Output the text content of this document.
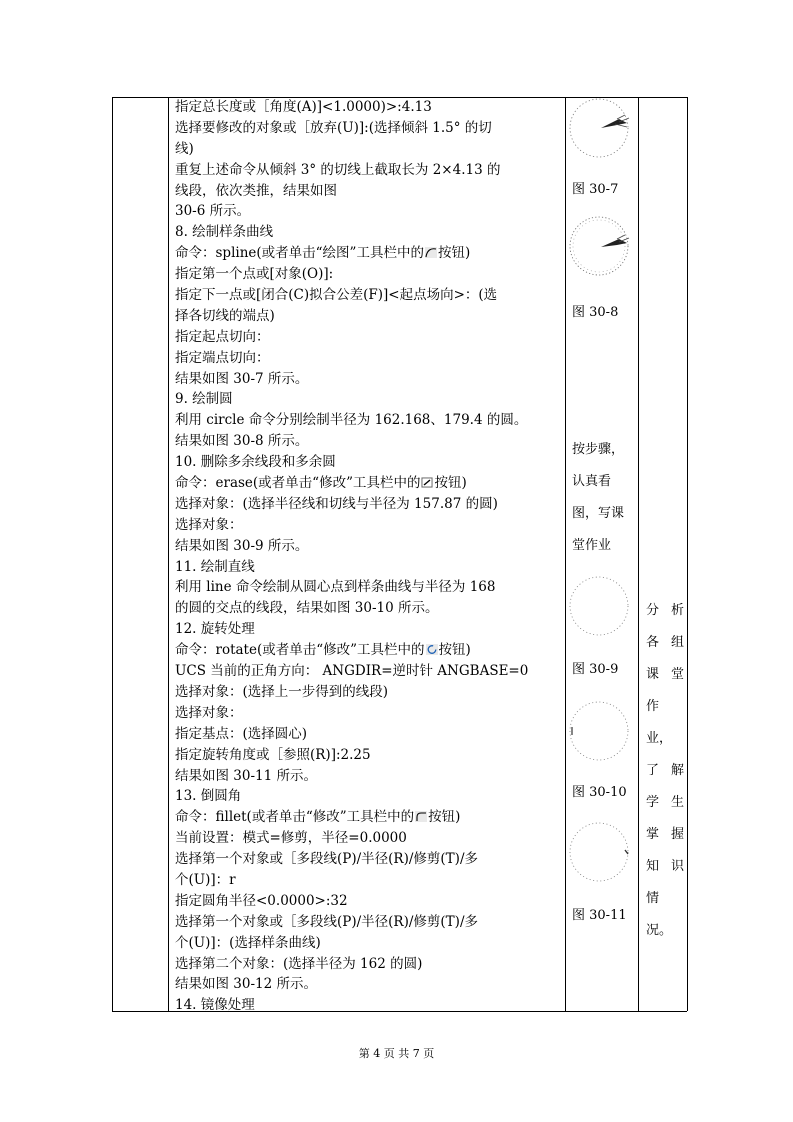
指定总长度或［角度(A)]<1.0000)>:4.13
选择要修改的对象或［放弃(U)]:(选择倾斜 1.5° 的切
线)
重复上述命令从倾斜 3° 的切线上截取长为 2×4.13 的
线段，依次类推，结果如图
30-6 所示。
8. 绘制样条曲线
命令：spline(或者单击“绘图”工具栏中的 按钮)
指定第一个点或[对象(O)]:
指定下一点或[闭合(C)拟合公差(F)]<起点场向>：(选
择各切线的端点)
指定起点切向：
指定端点切向：
结果如图 30-7 所示。
9. 绘制圆
利用 circle 命令分别绘制半径为 162.168、179.4 的圆。
结果如图 30-8 所示。
10. 删除多余线段和多余圆
命令：erase(或者单击“修改”工具栏中的 按钮)
选择对象：(选择半径线和切线与半径为 157.87 的圆)
选择对象：
结果如图 30-9 所示。
11. 绘制直线
利用 line 命令绘制从圆心点到样条曲线与半径为 168
的圆的交点的线段，结果如图 30-10 所示。
12. 旋转处理
命令：rotate(或者单击“修改”工具栏中的 按钮)
UCS 当前的正角方向： ANGDIR=逆时针 ANGBASE=0
选择对象：(选择上一步得到的线段)
选择对象：
指定基点：(选择圆心)
指定旋转角度或［参照(R)]:2.25
结果如图 30-11 所示。
13. 倒圆角
命令：fillet(或者单击“修改”工具栏中的 按钮)
当前设置：模式=修剪，半径=0.0000
选择第一个对象或［多段线(P)/半径(R)/修剪(T)/多
个(U)]：r
指定圆角半径<0.0000>:32
选择第一个对象或［多段线(P)/半径(R)/修剪(T)/多
个(U)]：(选择样条曲线)
选择第二个对象：(选择半径为 162 的圆)
结果如图 30-12 所示。
14. 镜像处理
图 30-7
图 30-8
按步骤，
认真看
图，写课
堂作业
图 30-9
图 30-10
图 30-11
分析
各组
课堂
作
业，
了解
学生
掌握
知识
情
况。
第 4 页 共 7 页
